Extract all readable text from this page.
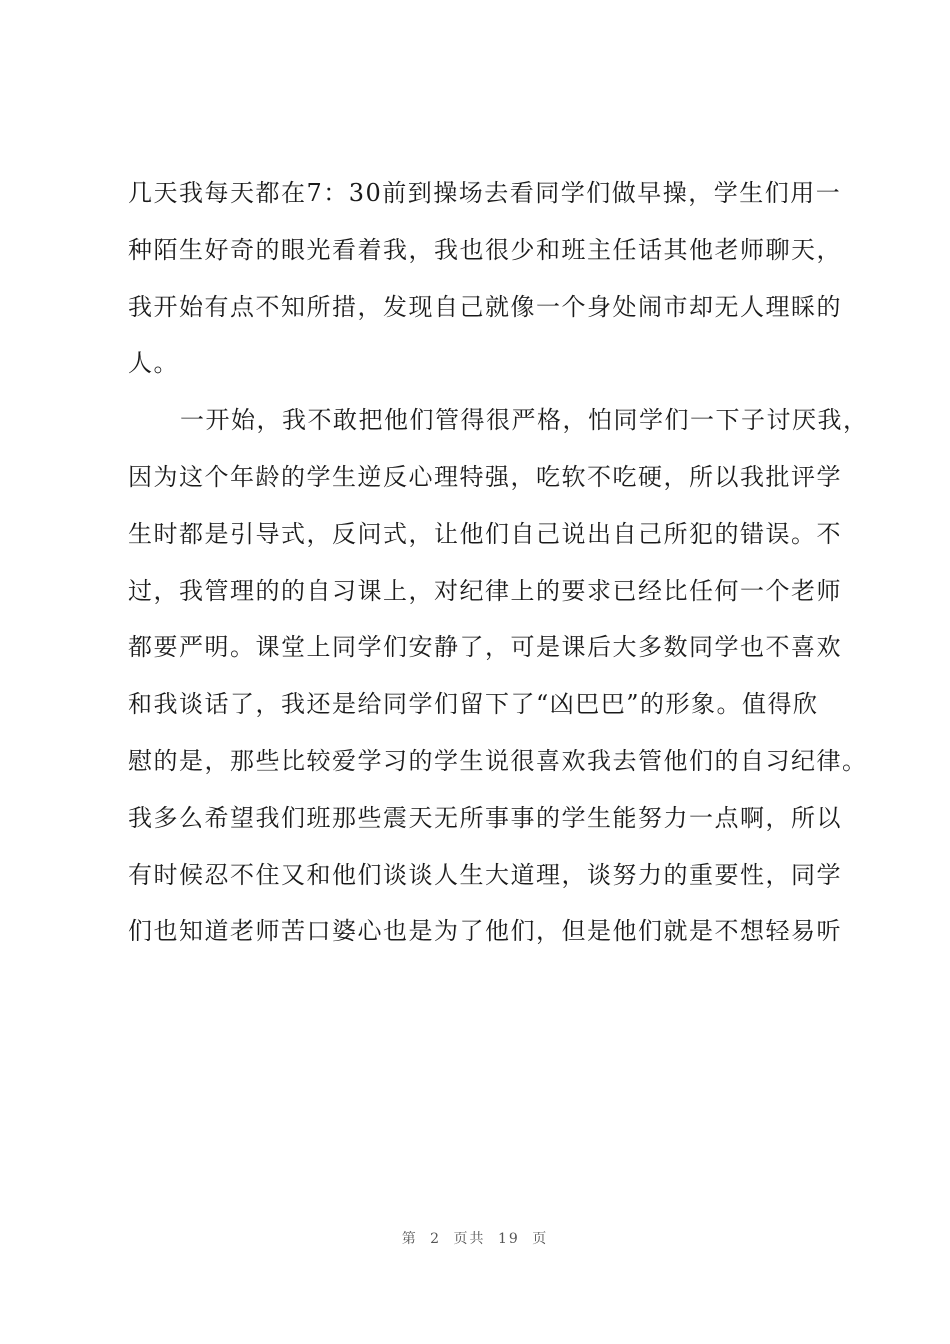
几天我每天都在7：30前到操场去看同学们做早操，学生们用一
种陌生好奇的眼光看着我，我也很少和班主任话其他老师聊天，
我开始有点不知所措，发现自己就像一个身处闹市却无人理睬的
人。
一开始，我不敢把他们管得很严格，怕同学们一下子讨厌我，
因为这个年龄的学生逆反心理特强，吃软不吃硬，所以我批评学
生时都是引导式，反问式，让他们自己说出自己所犯的错误。不
过，我管理的的自习课上，对纪律上的要求已经比任何一个老师
都要严明。课堂上同学们安静了，可是课后大多数同学也不喜欢
和我谈话了，我还是给同学们留下了“凶巴巴”的形象。值得欣
慰的是，那些比较爱学习的学生说很喜欢我去管他们的自习纪律。
我多么希望我们班那些震天无所事事的学生能努力一点啊，所以
有时候忍不住又和他们谈谈人生大道理，谈努力的重要性，同学
们也知道老师苦口婆心也是为了他们，但是他们就是不想轻易听
第 2 页共 19 页
